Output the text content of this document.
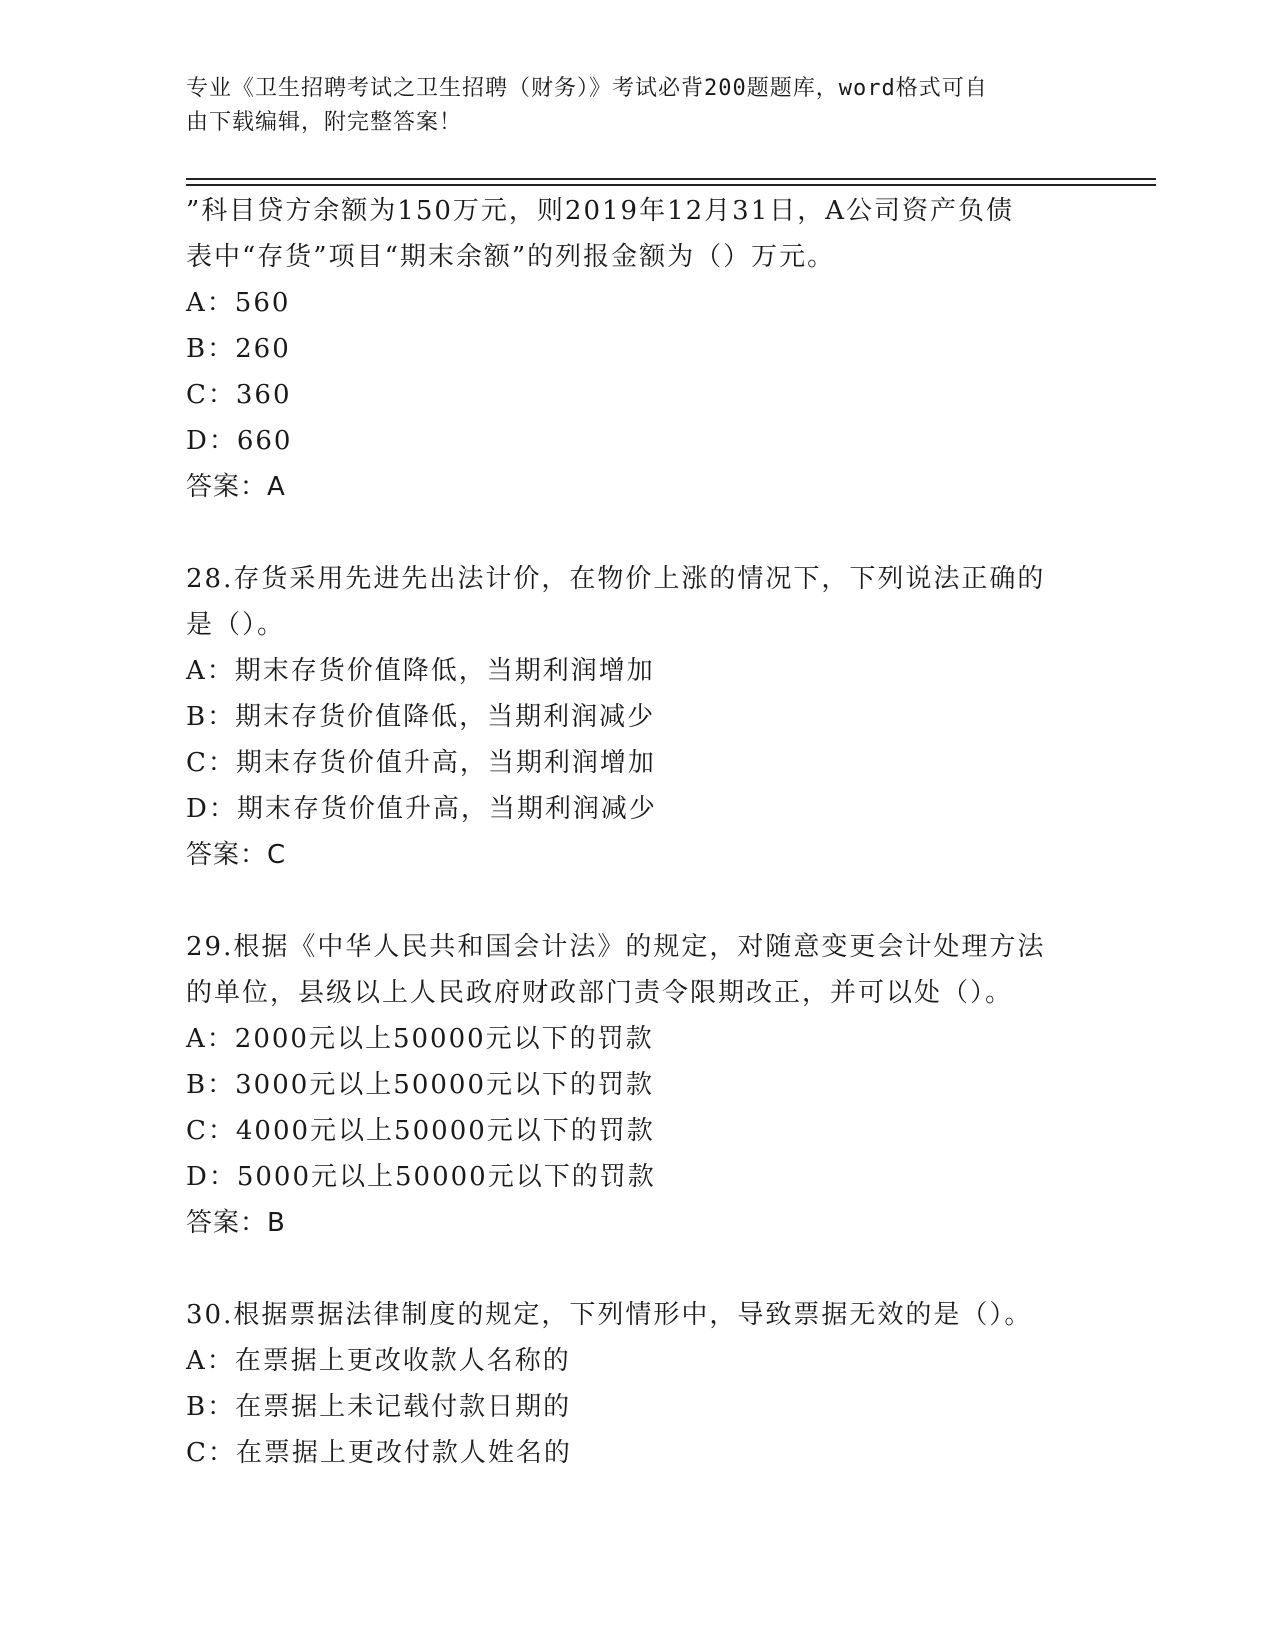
专业《卫生招聘考试之卫生招聘（财务）》考试必背200题题库，word格式可自
由下载编辑，附完整答案！
”科目贷方余额为150万元，则2019年12月31日，A公司资产负债
表中“存货”项目“期末余额”的列报金额为（）万元。
A：560
B：260
C：360
D：660
答案：A
28.存货采用先进先出法计价，在物价上涨的情况下，下列说法正确的
是（）。
A：期末存货价值降低，当期利润增加
B：期末存货价值降低，当期利润减少
C：期末存货价值升高，当期利润增加
D：期末存货价值升高，当期利润减少
答案：C
29.根据《中华人民共和国会计法》的规定，对随意变更会计处理方法
的单位，县级以上人民政府财政部门责令限期改正，并可以处（）。
A：2000元以上50000元以下的罚款
B：3000元以上50000元以下的罚款
C：4000元以上50000元以下的罚款
D：5000元以上50000元以下的罚款
答案：B
30.根据票据法律制度的规定，下列情形中，导致票据无效的是（）。
A：在票据上更改收款人名称的
B：在票据上未记载付款日期的
C：在票据上更改付款人姓名的
